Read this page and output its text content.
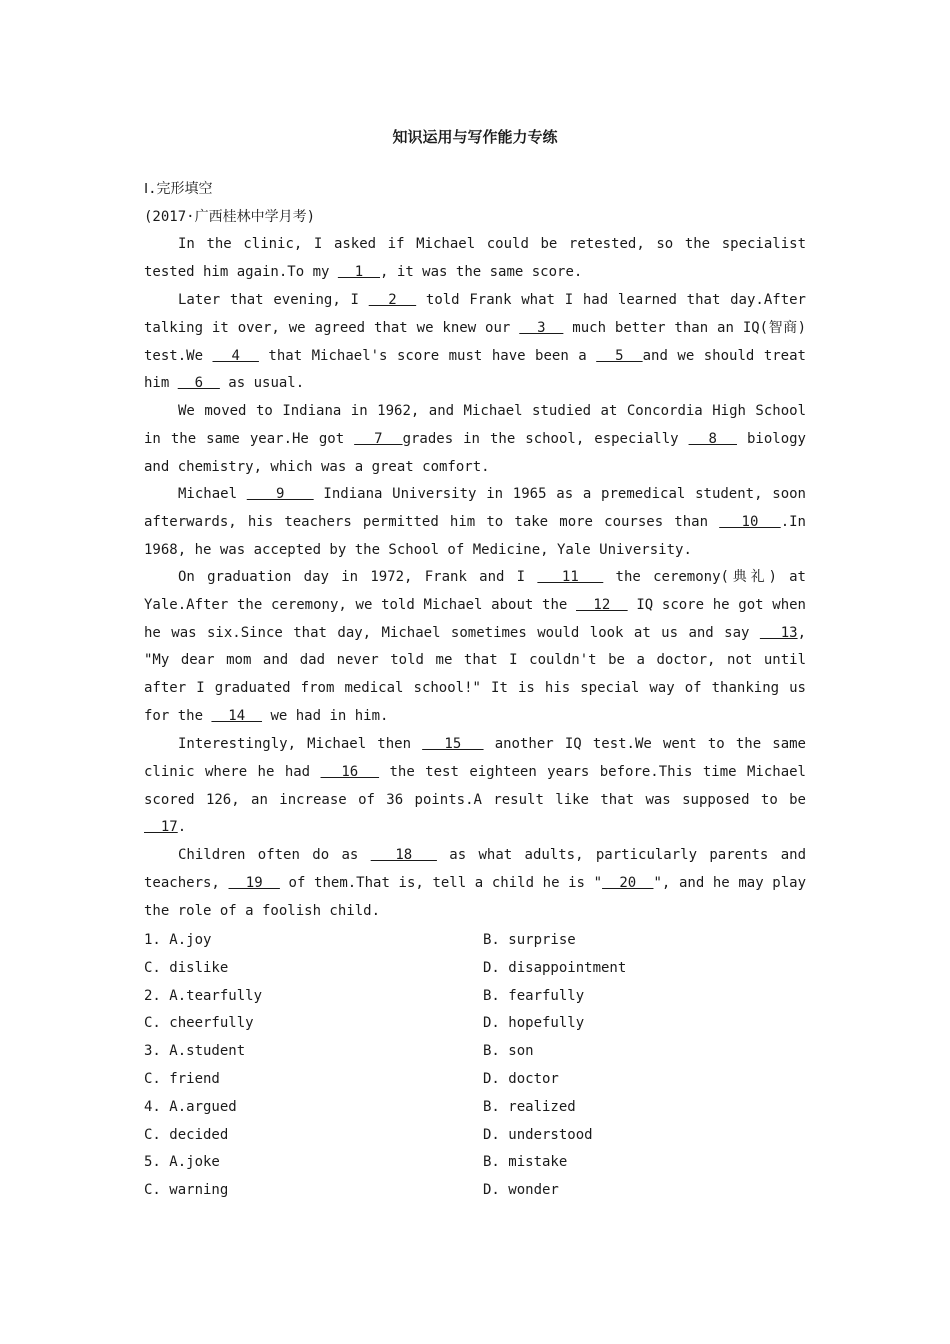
知识运用与写作能力专练
Ⅰ.完形填空
(2017·广西桂林中学月考)

In the clinic, I asked if Michael could be retested, so the specialist tested him again.To my   1  , it was the same score.

Later that evening, I   2   told Frank what I had learned that day.After talking it over, we agreed that we knew our   3   much better than an IQ(智商) test.We   4   that Michael's score must have been a   5  and we should treat him   6   as usual.

We moved to Indiana in 1962, and Michael studied at Concordia High School in the same year.He got   7  grades in the school, especially   8   biology and chemistry, which was a great comfort.

Michael    9    Indiana University in 1965 as a premedical student, soon afterwards, his teachers permitted him to take more courses than   10  .In 1968, he was accepted by the School of Medicine, Yale University.

On graduation day in 1972, Frank and I   11   the ceremony(典礼) at Yale.After the ceremony, we told Michael about the   12   IQ score he got when he was six.Since that day, Michael sometimes would look at us and say   13, "My dear mom and dad never told me that I couldn't be a doctor, not until after I graduated from medical school!" It is his special way of thanking us for the   14   we had in him.

Interestingly, Michael then   15   another IQ test.We went to the same clinic where he had   16   the test eighteen years before.This time Michael scored 126, an increase of 36 points.A result like that was supposed to be   17.

Children often do as   18   as what adults, particularly parents and teachers,   19   of them.That is, tell a child he is "  20  ", and he may play the role of a foolish child.

1. A.joy	B. surprise
C. dislike	D. disappointment
2. A.tearfully	B. fearfully
C. cheerfully	D. hopefully
3. A.student	B. son
C. friend	D. doctor
4. A.argued	B. realized
C. decided	D. understood
5. A.joke	B. mistake
C. warning	D. wonder
